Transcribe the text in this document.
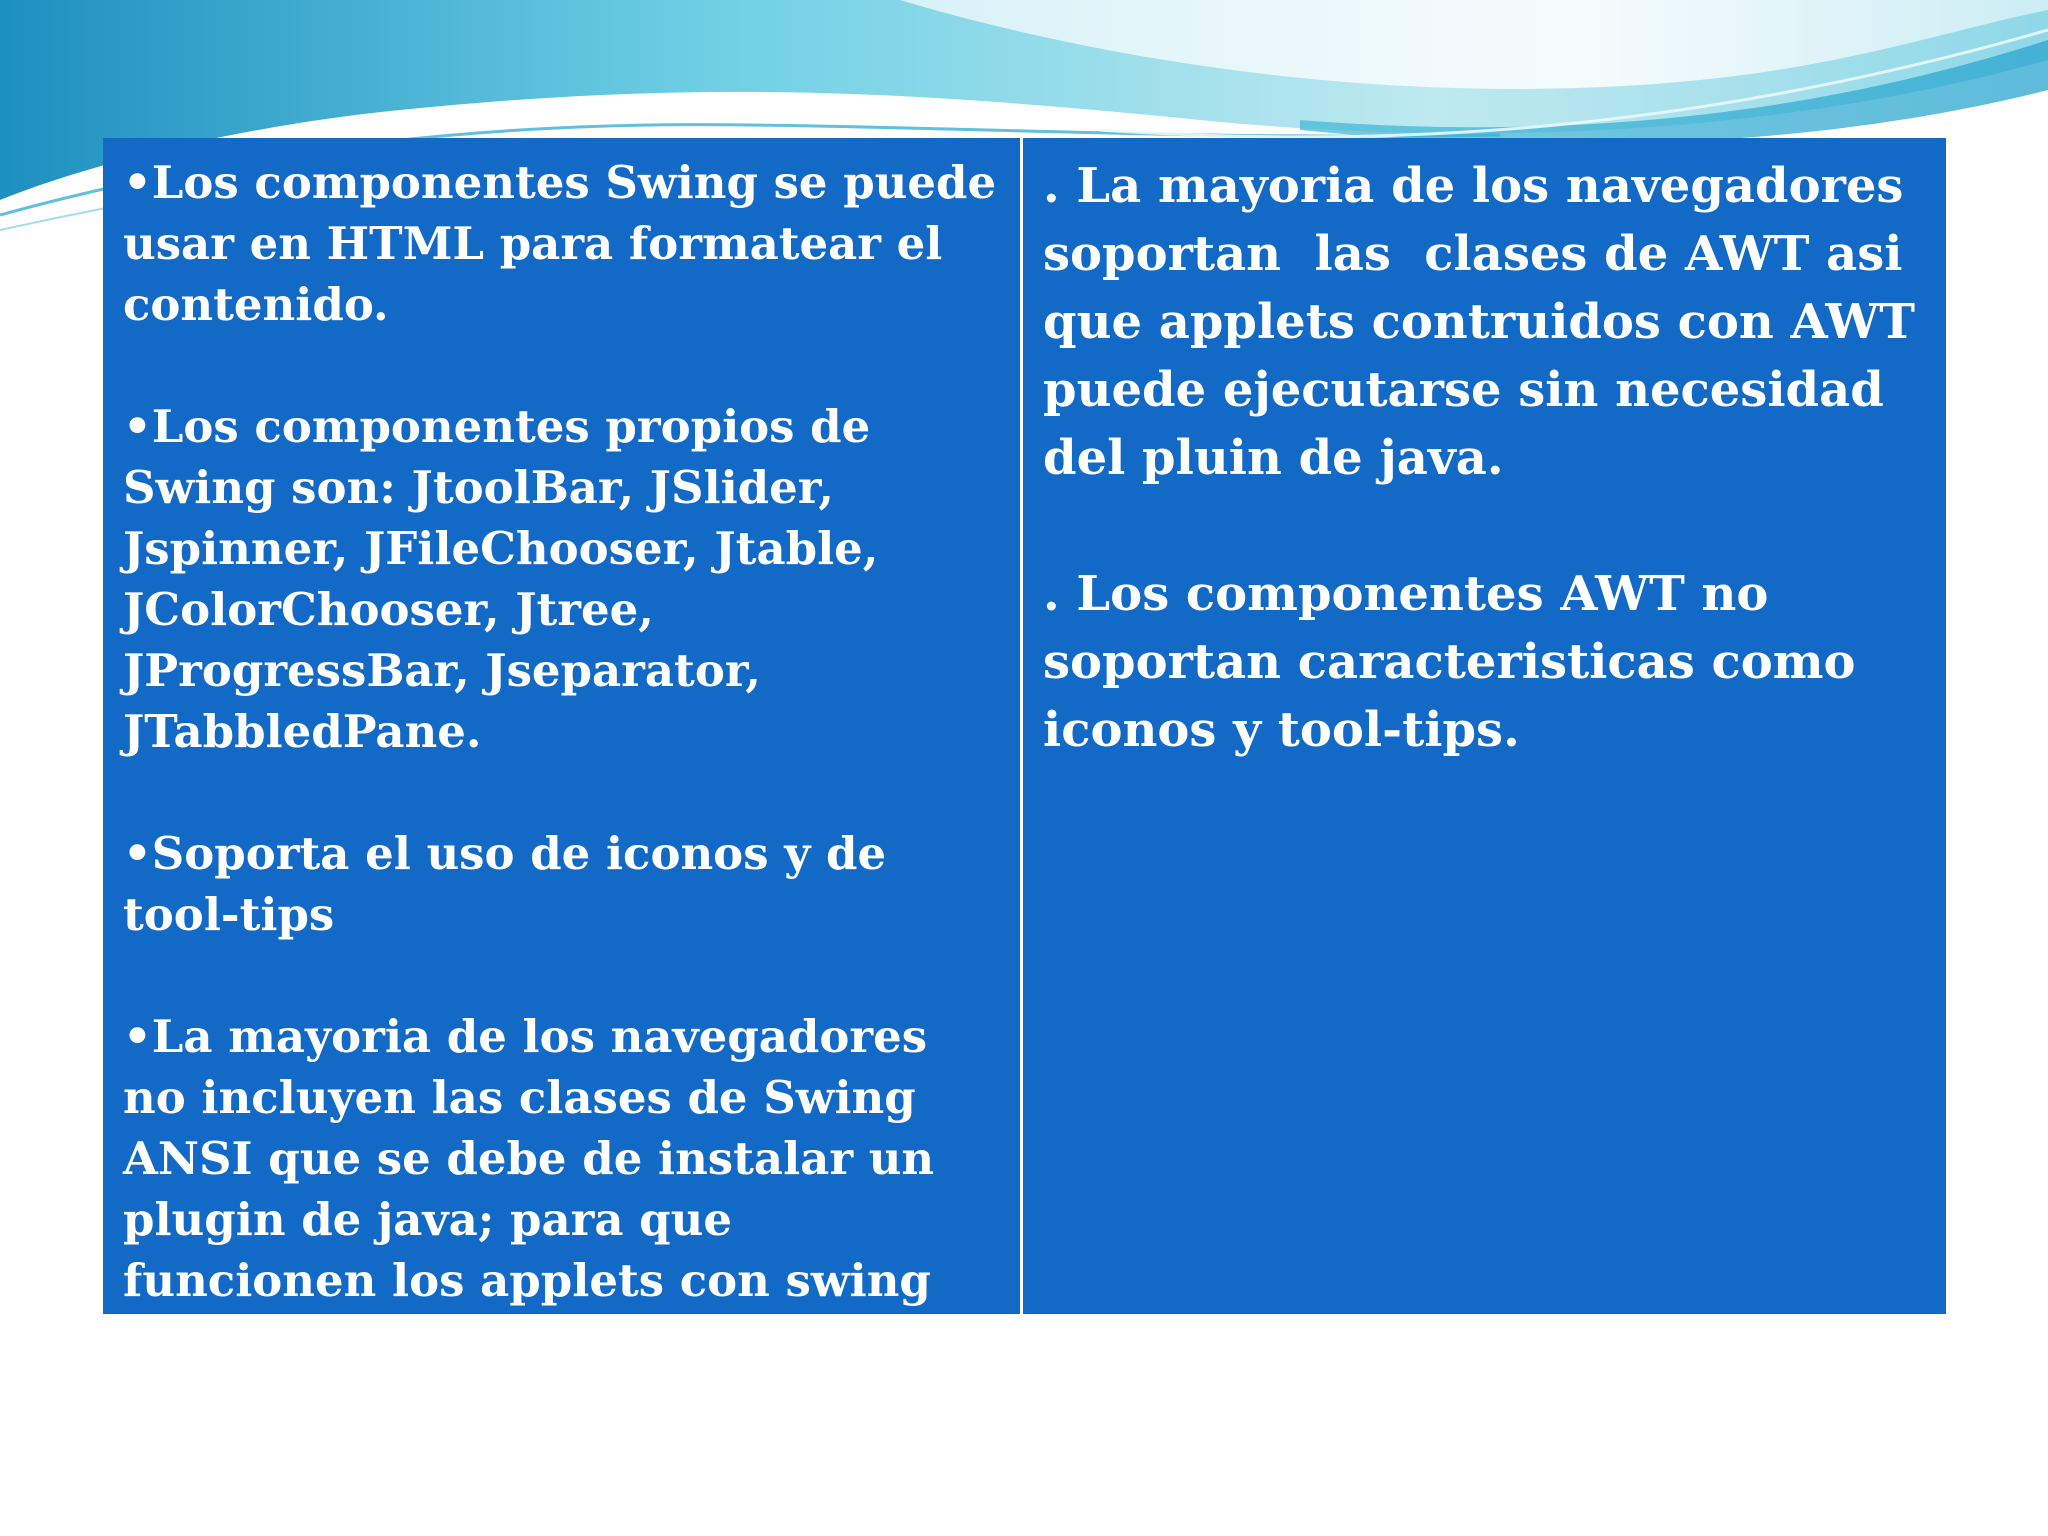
•Los componentes Swing se puede usar en HTML para formatear el contenido.

•Los componentes propios de Swing son: JtoolBar, JSlider, Jspinner, JFileChooser, Jtable, JColorChooser, Jtree, JProgressBar, Jseparator, JTabbledPane.

•Soporta el uso de iconos y de tool-tips

•La mayoria de los navegadores no incluyen las clases de Swing ANSI que se debe de instalar un plugin de java; para que funcionen los applets con swing

. La mayoria de los navegadores soportan  las  clases de AWT asi que applets contruidos con AWT puede ejecutarse sin necesidad del pluin de java.

. Los componentes AWT no soportan caracteristicas como iconos y tool-tips.
